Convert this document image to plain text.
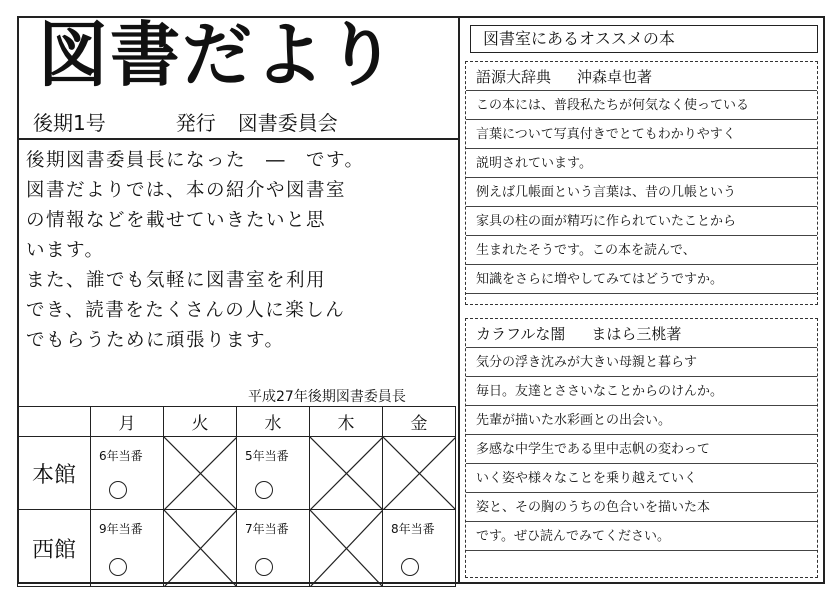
図書だより
後期1号	発行 図書委員会

後期図書委員長になった　―　です。

図書だよりでは、本の紹介や図書室

の情報などを載せていきたいと思

います。

また、誰でも気軽に図書室を利用

でき、読書をたくさんの人に楽しん

でもらうために頑張ります。

平成27年後期図書委員長
	月	火	水	木	金
本館	6年当番		5年当番

西館	9年当番		7年当番		8年当番
図書室にあるオススメの本
語源大辞典 沖森卓也著
この本には、普段私たちが何気なく使っている
言葉について写真付きでとてもわかりやすく
説明されています。
例えば几帳面という言葉は、昔の几帳という
家具の柱の面が精巧に作られていたことから
生まれたそうです。この本を読んで、
知識をさらに増やしてみてはどうですか。
カラフルな闇 まはら三桃著
気分の浮き沈みが大きい母親と暮らす
毎日。友達とささいなことからのけんか。
先輩が描いた水彩画との出会い。
多感な中学生である里中志帆の変わって
いく姿や様々なことを乗り越えていく
姿と、その胸のうちの色合いを描いた本
です。ぜひ読んでみてください。
